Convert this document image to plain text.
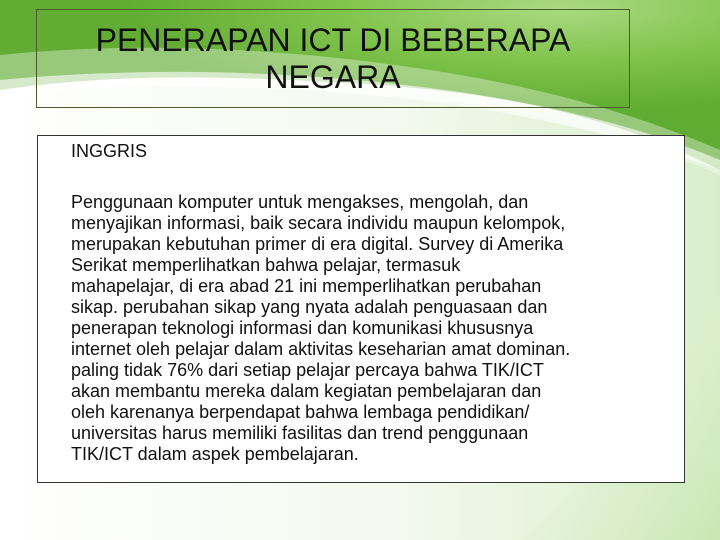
PENERAPAN ICT DI BEBERAPA NEGARA

INGGRIS

Penggunaan komputer untuk mengakses, mengolah, dan
menyajikan informasi, baik secara individu maupun kelompok,
merupakan kebutuhan primer di era digital. Survey di Amerika
Serikat memperlihatkan bahwa pelajar, termasuk
mahapelajar, di era abad 21 ini memperlihatkan perubahan
sikap. perubahan sikap yang nyata adalah penguasaan dan
penerapan teknologi informasi dan komunikasi khususnya
internet oleh pelajar dalam aktivitas keseharian amat dominan.
paling tidak 76% dari setiap pelajar percaya bahwa TIK/ICT
akan membantu mereka dalam kegiatan pembelajaran dan
oleh karenanya berpendapat bahwa lembaga pendidikan/
universitas harus memiliki fasilitas dan trend penggunaan
TIK/ICT dalam aspek pembelajaran.
